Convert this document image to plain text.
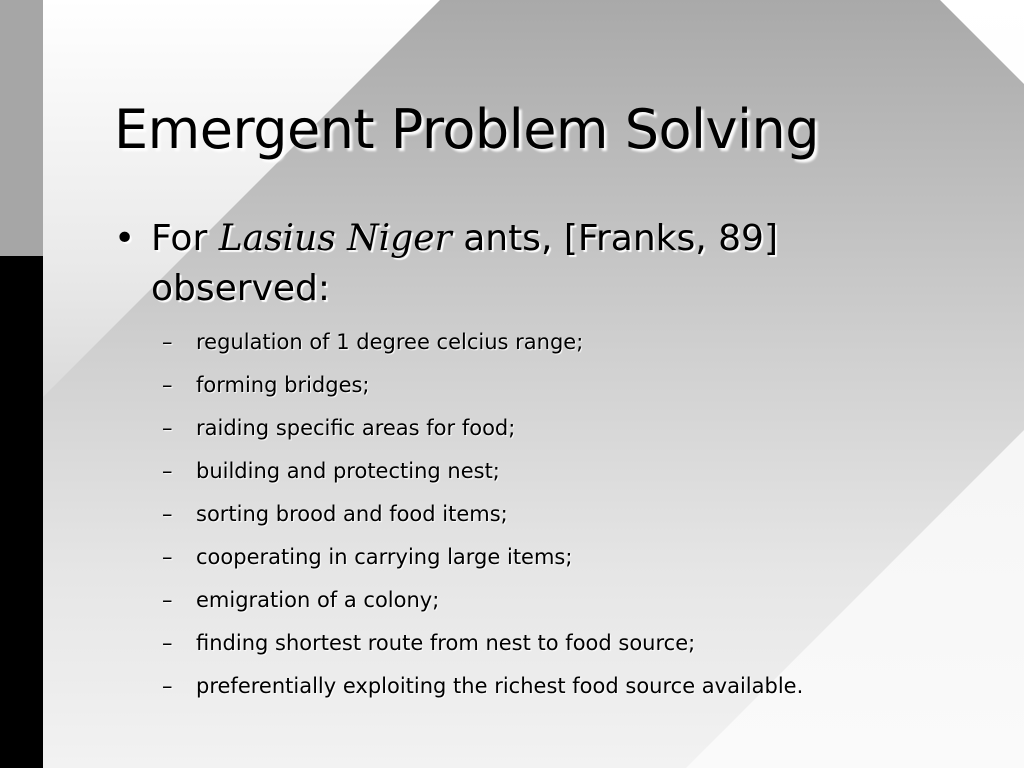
Emergent Problem Solving
• For Lasius Niger ants, [Franks, 89] observed:
– regulation of 1 degree celcius range;
– forming bridges;
– raiding specific areas for food;
– building and protecting nest;
– sorting brood and food items;
– cooperating in carrying large items;
– emigration of a colony;
– finding shortest route from nest to food source;
– preferentially exploiting the richest food source available.
